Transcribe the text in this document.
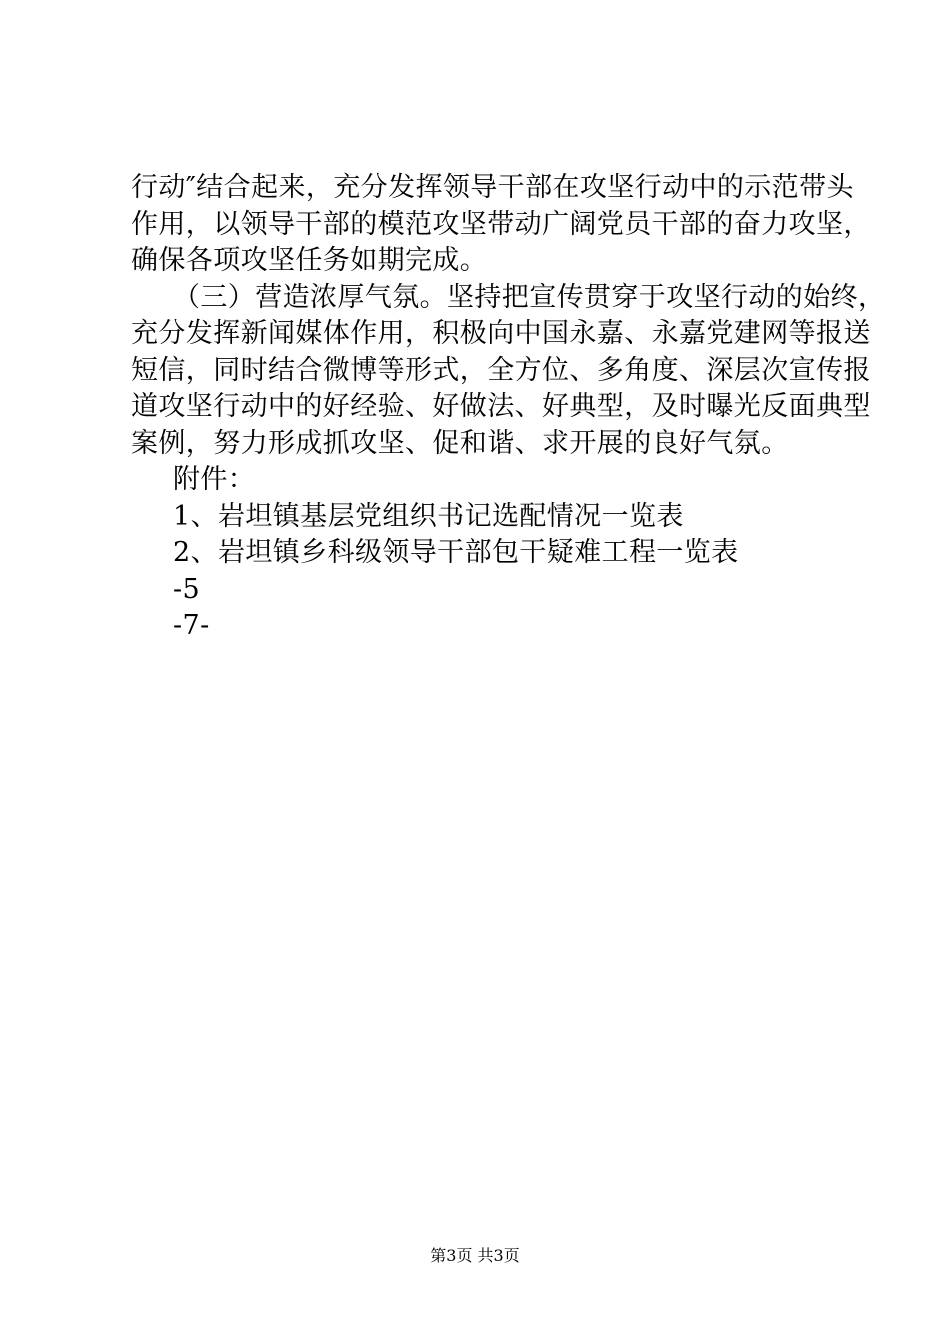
行动″结合起来，充分发挥领导干部在攻坚行动中的示范带头
作用，以领导干部的模范攻坚带动广阔党员干部的奋力攻坚，
确保各项攻坚任务如期完成。
（三）营造浓厚气氛。坚持把宣传贯穿于攻坚行动的始终，
充分发挥新闻媒体作用，积极向中国永嘉、永嘉党建网等报送
短信，同时结合微博等形式，全方位、多角度、深层次宣传报
道攻坚行动中的好经验、好做法、好典型，及时曝光反面典型
案例，努力形成抓攻坚、促和谐、求开展的良好气氛。
附件：
1、岩坦镇基层党组织书记选配情况一览表
2、岩坦镇乡科级领导干部包干疑难工程一览表
-5
-7-
第3页 共3页
